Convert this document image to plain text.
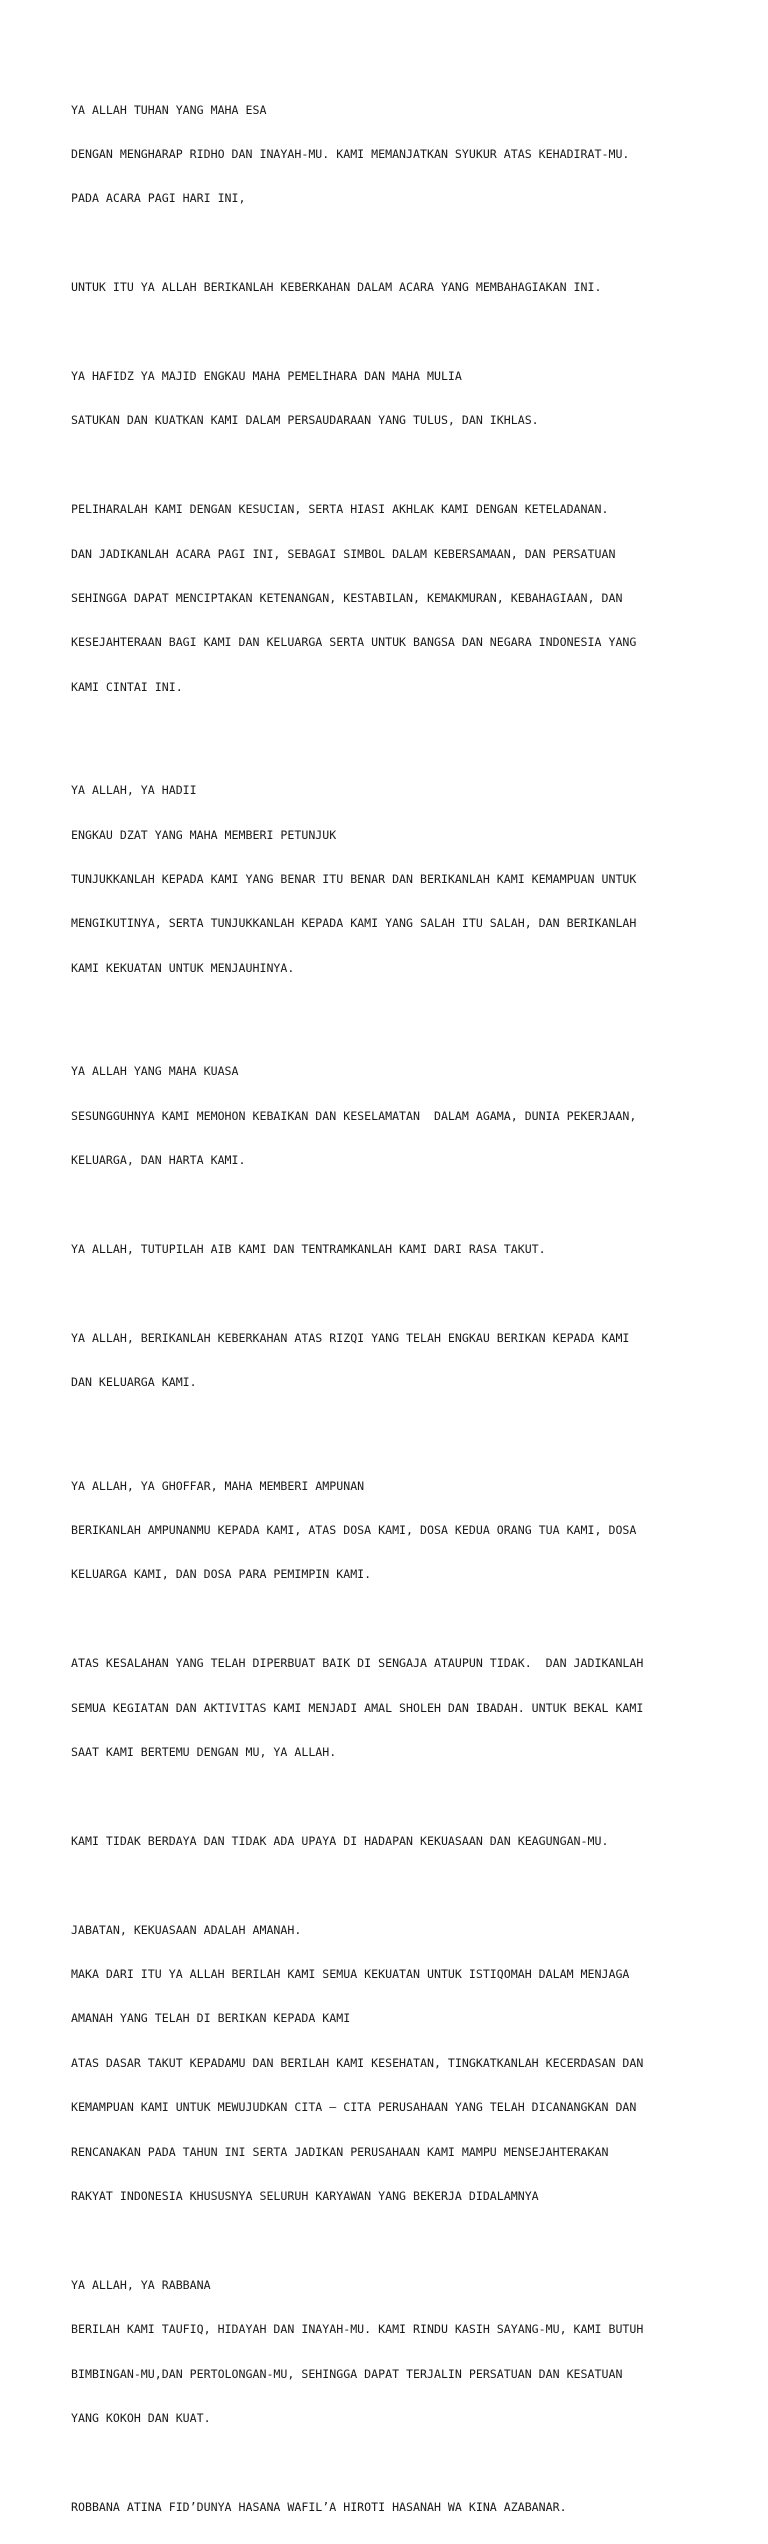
YA ALLAH TUHAN YANG MAHA ESA

DENGAN MENGHARAP RIDHO DAN INAYAH-MU. KAMI MEMANJATKAN SYUKUR ATAS KEHADIRAT-MU.

PADA ACARA PAGI HARI INI,

UNTUK ITU YA ALLAH BERIKANLAH KEBERKAHAN DALAM ACARA YANG MEMBAHAGIAKAN INI.

YA HAFIDZ YA MAJID ENGKAU MAHA PEMELIHARA DAN MAHA MULIA

SATUKAN DAN KUATKAN KAMI DALAM PERSAUDARAAN YANG TULUS, DAN IKHLAS.

PELIHARALAH KAMI DENGAN KESUCIAN, SERTA HIASI AKHLAK KAMI DENGAN KETELADANAN.

DAN JADIKANLAH ACARA PAGI INI, SEBAGAI SIMBOL DALAM KEBERSAMAAN, DAN PERSATUAN

SEHINGGA DAPAT MENCIPTAKAN KETENANGAN, KESTABILAN, KEMAKMURAN, KEBAHAGIAAN, DAN

KESEJAHTERAAN BAGI KAMI DAN KELUARGA SERTA UNTUK BANGSA DAN NEGARA INDONESIA YANG

KAMI CINTAI INI.

YA ALLAH, YA HADII

ENGKAU DZAT YANG MAHA MEMBERI PETUNJUK

TUNJUKKANLAH KEPADA KAMI YANG BENAR ITU BENAR DAN BERIKANLAH KAMI KEMAMPUAN UNTUK

MENGIKUTINYA, SERTA TUNJUKKANLAH KEPADA KAMI YANG SALAH ITU SALAH, DAN BERIKANLAH

KAMI KEKUATAN UNTUK MENJAUHINYA.

YA ALLAH YANG MAHA KUASA

SESUNGGUHNYA KAMI MEMOHON KEBAIKAN DAN KESELAMATAN  DALAM AGAMA, DUNIA PEKERJAAN,

KELUARGA, DAN HARTA KAMI.

YA ALLAH, TUTUPILAH AIB KAMI DAN TENTRAMKANLAH KAMI DARI RASA TAKUT.

YA ALLAH, BERIKANLAH KEBERKAHAN ATAS RIZQI YANG TELAH ENGKAU BERIKAN KEPADA KAMI

DAN KELUARGA KAMI.

YA ALLAH, YA GHOFFAR, MAHA MEMBERI AMPUNAN

BERIKANLAH AMPUNANMU KEPADA KAMI, ATAS DOSA KAMI, DOSA KEDUA ORANG TUA KAMI, DOSA

KELUARGA KAMI, DAN DOSA PARA PEMIMPIN KAMI.

ATAS KESALAHAN YANG TELAH DIPERBUAT BAIK DI SENGAJA ATAUPUN TIDAK.  DAN JADIKANLAH

SEMUA KEGIATAN DAN AKTIVITAS KAMI MENJADI AMAL SHOLEH DAN IBADAH. UNTUK BEKAL KAMI

SAAT KAMI BERTEMU DENGAN MU, YA ALLAH.

KAMI TIDAK BERDAYA DAN TIDAK ADA UPAYA DI HADAPAN KEKUASAAN DAN KEAGUNGAN-MU.

JABATAN, KEKUASAAN ADALAH AMANAH.

MAKA DARI ITU YA ALLAH BERILAH KAMI SEMUA KEKUATAN UNTUK ISTIQOMAH DALAM MENJAGA

AMANAH YANG TELAH DI BERIKAN KEPADA KAMI

ATAS DASAR TAKUT KEPADAMU DAN BERILAH KAMI KESEHATAN, TINGKATKANLAH KECERDASAN DAN

KEMAMPUAN KAMI UNTUK MEWUJUDKAN CITA – CITA PERUSAHAAN YANG TELAH DICANANGKAN DAN

RENCANAKAN PADA TAHUN INI SERTA JADIKAN PERUSAHAAN KAMI MAMPU MENSEJAHTERAKAN

RAKYAT INDONESIA KHUSUSNYA SELURUH KARYAWAN YANG BEKERJA DIDALAMNYA

YA ALLAH, YA RABBANA

BERILAH KAMI TAUFIQ, HIDAYAH DAN INAYAH-MU. KAMI RINDU KASIH SAYANG-MU, KAMI BUTUH

BIMBINGAN-MU,DAN PERTOLONGAN-MU, SEHINGGA DAPAT TERJALIN PERSATUAN DAN KESATUAN

YANG KOKOH DAN KUAT.

ROBBANA ATINA FID’DUNYA HASANA WAFIL’A HIROTI HASANAH WA KINA AZABANAR.
